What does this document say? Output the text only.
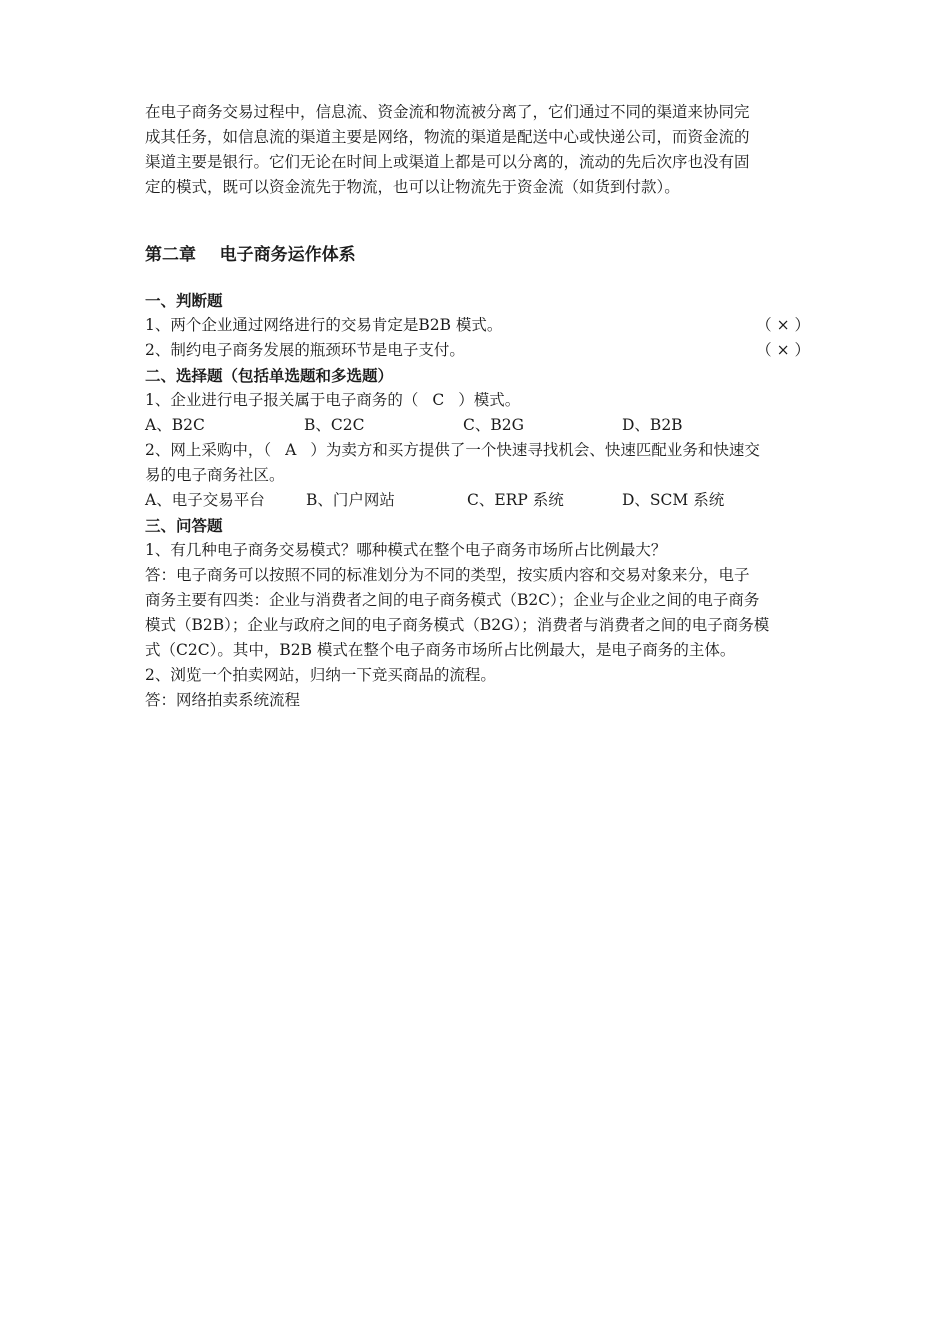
在电子商务交易过程中，信息流、资金流和物流被分离了，它们通过不同的渠道来协同完
成其任务，如信息流的渠道主要是网络，物流的渠道是配送中心或快递公司，而资金流的
渠道主要是银行。它们无论在时间上或渠道上都是可以分离的，流动的先后次序也没有固
定的模式，既可以资金流先于物流，也可以让物流先于资金流（如货到付款）。

第二章    电子商务运作体系
一、判断题
1、两个企业通过网络进行的交易肯定是B2B 模式。	（ × ）
2、制约电子商务发展的瓶颈环节是电子支付。	（ × ）
二、选择题（包括单选题和多选题）
1、企业进行电子报关属于电子商务的（ C ）模式。
A、B2C	B、C2C	C、B2G	D、B2B
2、网上采购中，（ A ）为卖方和买方提供了一个快速寻找机会、快速匹配业务和快速交
易的电子商务社区。
A、电子交易平台	B、门户网站	C、ERP 系统	D、SCM 系统
三、问答题
1、有几种电子商务交易模式？哪种模式在整个电子商务市场所占比例最大？
答：电子商务可以按照不同的标准划分为不同的类型，按实质内容和交易对象来分，电子
商务主要有四类：企业与消费者之间的电子商务模式（B2C）；企业与企业之间的电子商务
模式（B2B）；企业与政府之间的电子商务模式（B2G）；消费者与消费者之间的电子商务模
式（C2C）。其中，B2B 模式在整个电子商务市场所占比例最大，是电子商务的主体。
2、浏览一个拍卖网站，归纳一下竞买商品的流程。
答：网络拍卖系统流程
